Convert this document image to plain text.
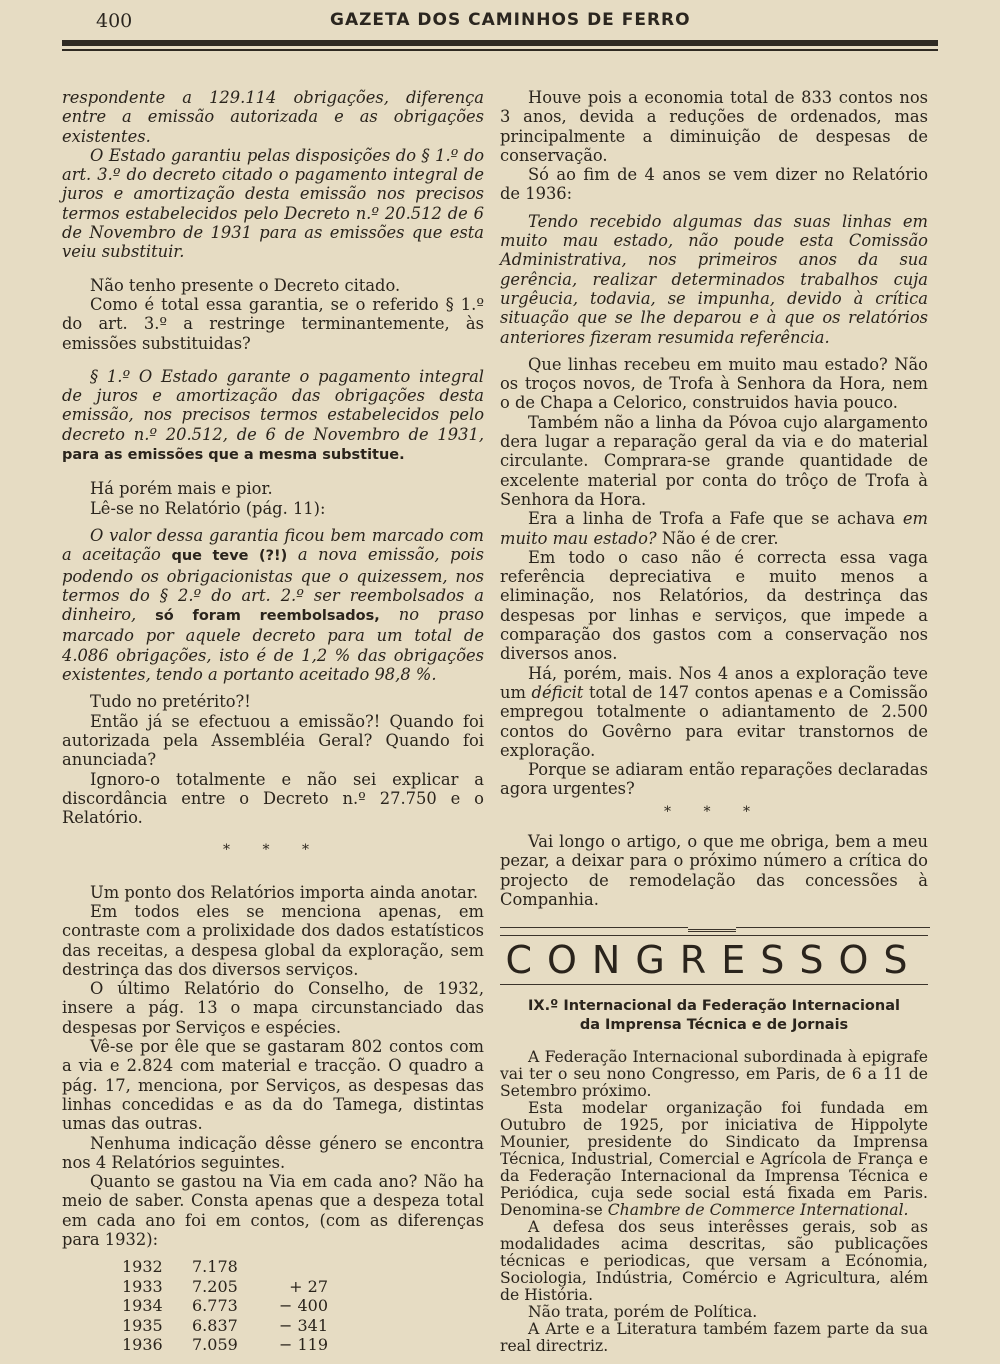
400	GAZETA DOS CAMINHOS DE FERRO

respondente a 129.114 obrigações, diferença entre a emissão autorizada e as obrigações existentes.

O Estado garantiu pelas disposições do § 1.º do art. 3.º do decreto citado o pagamento integral de juros e amortização desta emissão nos precisos termos estabelecidos pelo Decreto n.º 20.512 de 6 de Novembro de 1931 para as emissões que esta veiu substituir.

Não tenho presente o Decreto citado.

Como é total essa garantia, se o referido § 1.º do art. 3.º a restringe terminantemente, às emissões substituidas?

§ 1.º O Estado garante o pagamento integral de juros e amortização das obrigações desta emissão, nos precisos termos estabelecidos pelo decreto n.º 20.512, de 6 de Novembro de 1931, para as emissões que a mesma substitue.

Há porém mais e pior.

Lê-se no Relatório (pág. 11):

O valor dessa garantia ficou bem marcado com a aceitação que teve (?!) a nova emissão, pois podendo os obrigacionistas que o quizessem, nos termos do § 2.º do art. 2.º ser reembolsados a dinheiro, só foram reembolsados, no praso marcado por aquele decreto para um total de 4.086 obrigações, isto é de 1,2 % das obrigações existentes, tendo a portanto aceitado 98,8 %.

Tudo no pretérito?!

Então já se efectuou a emissão?! Quando foi autorizada pela Assembléia Geral? Quando foi anunciada?

Ignoro-o totalmente e não sei explicar a discordância entre o Decreto n.º 27.750 e o Relatório.

* * *

Um ponto dos Relatórios importa ainda anotar.

Em todos eles se menciona apenas, em contraste com a prolixidade dos dados estatísticos das receitas, a despesa global da exploração, sem destrinça das dos diversos serviços.

O último Relatório do Conselho, de 1932, insere a pág. 13 o mapa circunstanciado das despesas por Serviços e espécies.

Vê-se por êle que se gastaram 802 contos com a via e 2.824 com material e tracção. O quadro a pág. 17, menciona, por Serviços, as despesas das linhas concedidas e as da do Tamega, distintas umas das outras.

Nenhuma indicação dêsse género se encontra nos 4 Relatórios seguintes.

Quanto se gastou na Via em cada ano? Não ha meio de saber. Consta apenas que a despeza total em cada ano foi em contos, (com as diferenças para 1932):

1932	7.178	
1933	7.205	+ 27
1934	6.773	− 400
1935	6.837	− 341
1936	7.059	− 119

Houve pois a economia total de 833 contos nos 3 anos, devida a reduções de ordenados, mas principalmente a diminuição de despesas de conservação.

Só ao fim de 4 anos se vem dizer no Relatório de 1936:

Tendo recebido algumas das suas linhas em muito mau estado, não poude esta Comissão Administrativa, nos primeiros anos da sua gerência, realizar determinados trabalhos cuja urgêucia, todavia, se impunha, devido à crítica situação que se lhe deparou e à que os relatórios anteriores fizeram resumida referência.

Que linhas recebeu em muito mau estado? Não os troços novos, de Trofa à Senhora da Hora, nem o de Chapa a Celorico, construidos havia pouco.

Também não a linha da Póvoa cujo alargamento dera lugar a reparação geral da via e do material circulante. Comprara-se grande quantidade de excelente material por conta do trôço de Trofa à Senhora da Hora.

Era a linha de Trofa a Fafe que se achava em muito mau estado? Não é de crer.

Em todo o caso não é correcta essa vaga referência depreciativa e muito menos a eliminação, nos Relatórios, da destrinça das despesas por linhas e serviços, que impede a comparação dos gastos com a conservação nos diversos anos.

Há, porém, mais. Nos 4 anos a exploração teve um déficit total de 147 contos apenas e a Comissão empregou totalmente o adiantamento de 2.500 contos do Govêrno para evitar transtornos de exploração.

Porque se adiaram então reparações declaradas agora urgentes?

* * *

Vai longo o artigo, o que me obriga, bem a meu pezar, a deixar para o próximo número a crítica do projecto de remodelação das concessões à Companhia.

CONGRESSOS
IX.º Internacional da Federação Internacional da Imprensa Técnica e de Jornais

A Federação Internacional subordinada à epigrafe vai ter o seu nono Congresso, em Paris, de 6 a 11 de Setembro próximo.

Esta modelar organização foi fundada em Outubro de 1925, por iniciativa de Hippolyte Mounier, presidente do Sindicato da Imprensa Técnica, Industrial, Comercial e Agrícola de França e da Federação Internacional da Imprensa Técnica e Periódica, cuja sede social está fixada em Paris. Denomina-se Chambre de Commerce International.

A defesa dos seus interêsses gerais, sob as modalidades acima descritas, são publicações técnicas e periodicas, que versam a Ecónomia, Sociologia, Indústria, Comércio e Agricultura, além de História.

Não trata, porém de Política.

A Arte e a Literatura também fazem parte da sua real directriz.
